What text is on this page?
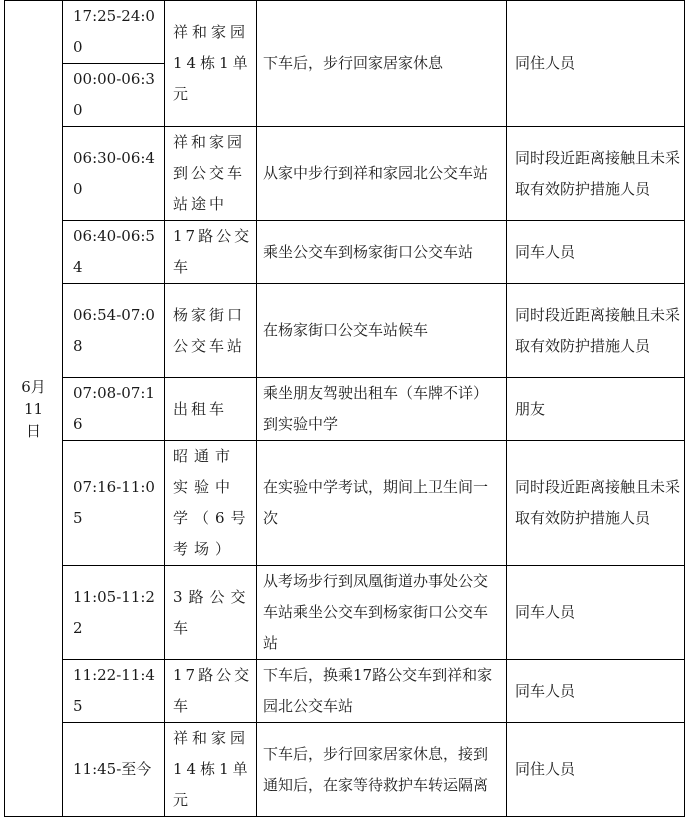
6月11日	17:25-24:00	祥和家园14栋1单元	下车后，步行回家居家休息	同住人员
	00:00-06:30			
	06:30-06:40	祥和家园到公交车站途中	从家中步行到祥和家园北公交车站	同时段近距离接触且未采取有效防护措施人员
	06:40-06:54	17路公交车	乘坐公交车到杨家街口公交车站	同车人员
	06:54-07:08	杨家街口公交车站	在杨家街口公交车站候车	同时段近距离接触且未采取有效防护措施人员
	07:08-07:16	出租车	乘坐朋友驾驶出租车（车牌不详）到实验中学	朋友
	07:16-11:05	昭通市实验中学（6号考场）	在实验中学考试，期间上卫生间一次	同时段近距离接触且未采取有效防护措施人员
	11:05-11:22	3路公交车	从考场步行到凤凰街道办事处公交车站乘坐公交车到杨家街口公交车站	同车人员
	11:22-11:45	17路公交车	下车后，换乘17路公交车到祥和家园北公交车站	同车人员
	11:45-至今	祥和家园14栋1单元	下车后，步行回家居家休息，接到通知后，在家等待救护车转运隔离	同住人员
